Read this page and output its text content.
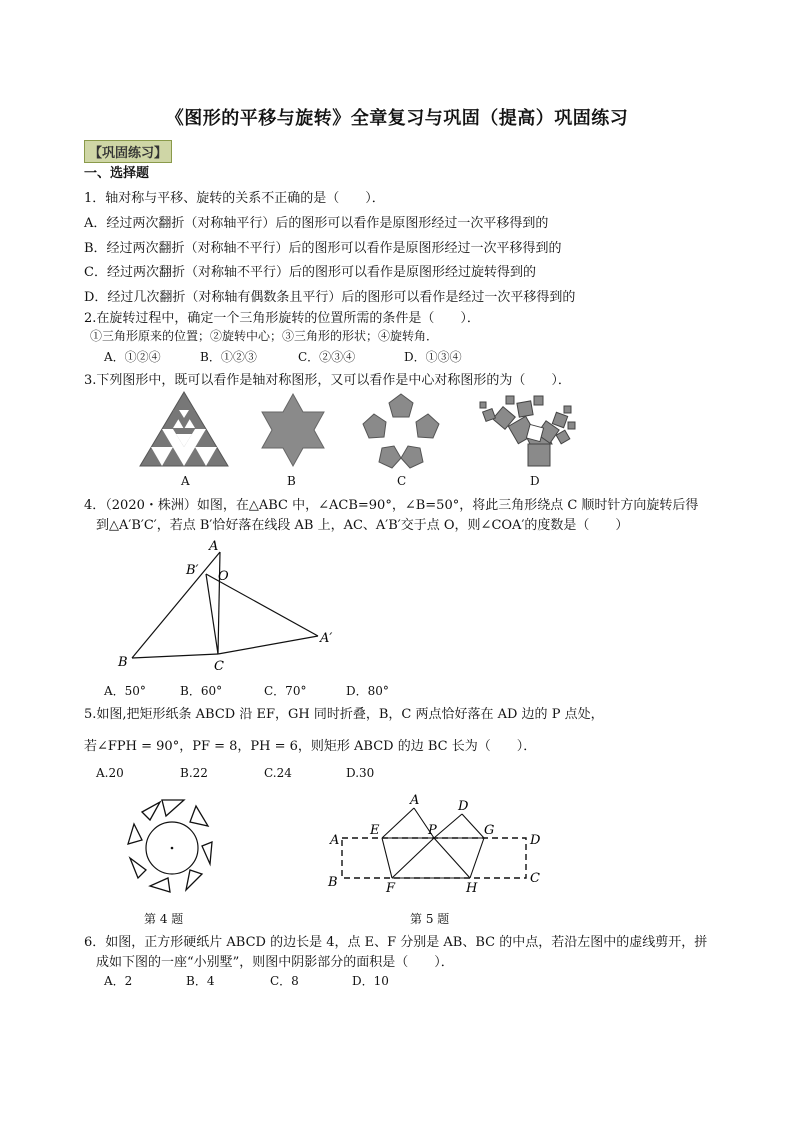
《图形的平移与旋转》全章复习与巩固（提高）巩固练习
【巩固练习】
一、选择题
1．轴对称与平移、旋转的关系不正确的是（　　）．
A．经过两次翻折（对称轴平行）后的图形可以看作是原图形经过一次平移得到的
B．经过两次翻折（对称轴不平行）后的图形可以看作是原图形经过一次平移得到的
C．经过两次翻折（对称轴不平行）后的图形可以看作是原图形经过旋转得到的
D．经过几次翻折（对称轴有偶数条且平行）后的图形可以看作是经过一次平移得到的
2.在旋转过程中，确定一个三角形旋转的位置所需的条件是（　　）．
①三角形原来的位置；②旋转中心；③三角形的形状；④旋转角．
A．①②④	B．①②③	C．②③④	D．①③④
3.下列图形中，既可以看作是轴对称图形，又可以看作是中心对称图形的为（　　）．
A	B	C	D
4．（2020・株洲）如图，在△ABC 中，∠ACB=90°，∠B=50°，将此三角形绕点 C 顺时针方向旋转后得
到△A′B′C′，若点 B′恰好落在线段 AB 上，AC、A′B′交于点 O，则∠COA′的度数是（　　）
A
B	C
B′ O
A′
A．50°	B．60°	C．70°	D．80°
5.如图,把矩形纸条 ABCD 沿 EF，GH 同时折叠，B，C 两点恰好落在 AD 边的 P 点处，
若∠FPH = 90°，PF = 8，PH = 6，则矩形 ABCD 的边 BC 长为（　　）．
A.20	B.22	C.24	D.30
A
B
D
C
E
F
G
H
P
A	D
第 4 题	第 5 题
6．如图，正方形硬纸片 ABCD 的边长是 4，点 E、F 分别是 AB、BC 的中点，若沿左图中的虚线剪开，拼
成如下图的一座“小别墅”，则图中阴影部分的面积是（　　）．
A．2	B．4	C．8	D．10
